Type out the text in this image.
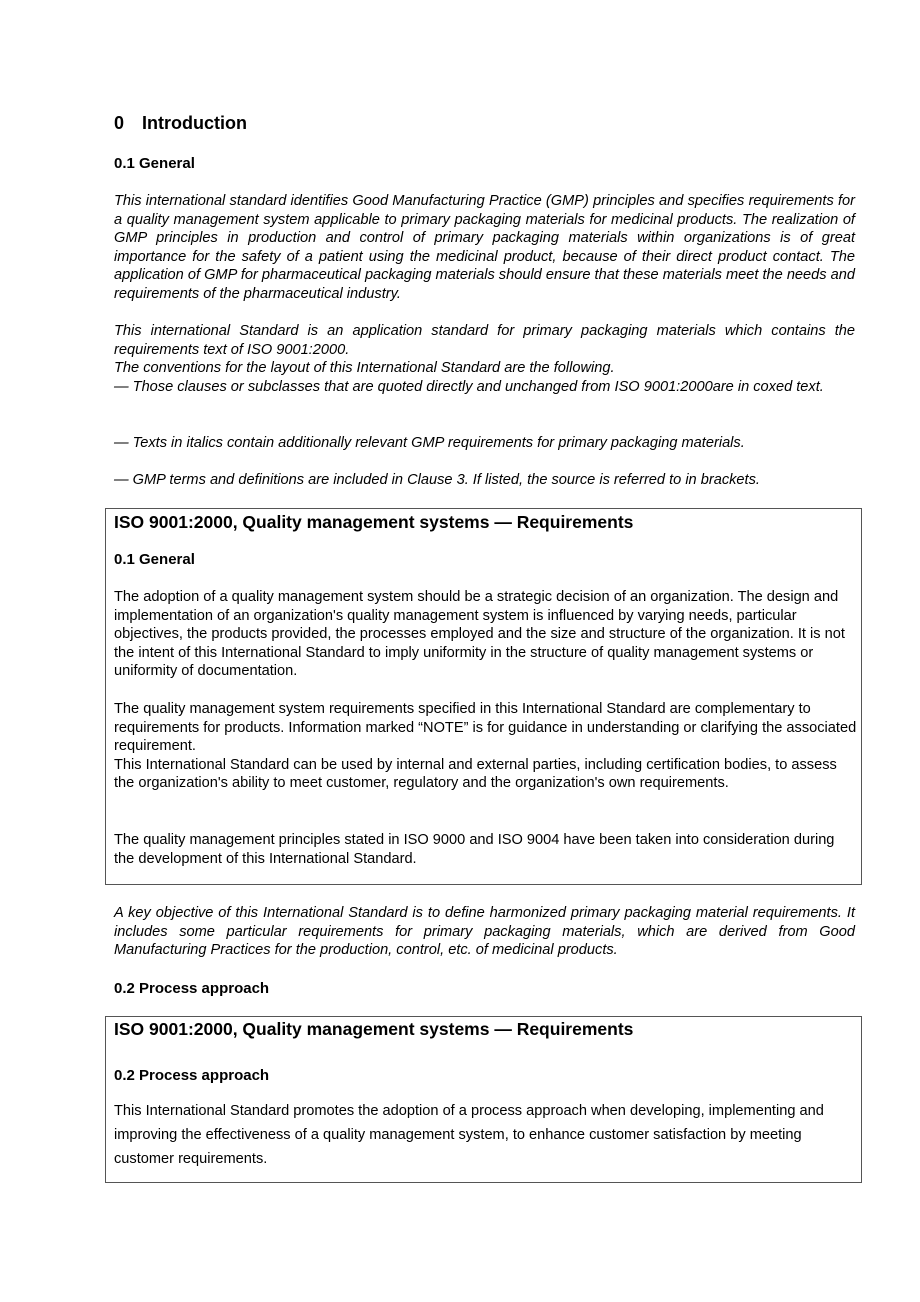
0 Introduction
0.1 General

This international standard identifies Good Manufacturing Practice (GMP) principles and specifies requirements for a quality management system applicable to primary packaging materials for medicinal products. The realization of GMP principles in production and control of primary packaging materials within organizations is of great importance for the safety of a patient using the medicinal product, because of their direct product contact. The application of GMP for pharmaceutical packaging materials should ensure that these materials meet the needs and requirements of the pharmaceutical industry.

This international Standard is an application standard for primary packaging materials which contains the requirements text of ISO 9001:2000.

The conventions for the layout of this International Standard are the following.

— Those clauses or subclasses that are quoted directly and unchanged from ISO 9001:2000are in coxed text.

— Texts in italics contain additionally relevant GMP requirements for primary packaging materials.

— GMP terms and definitions are included in Clause 3. If listed, the source is referred to in brackets.

ISO 9001:2000, Quality management systems — Requirements
0.1 General

The adoption of a quality management system should be a strategic decision of an organization. The design and implementation of an organization's quality management system is influenced by varying needs, particular objectives, the products provided, the processes employed and the size and structure of the organization. It is not the intent of this International Standard to imply uniformity in the structure of quality management systems or uniformity of documentation.

The quality management system requirements specified in this International Standard are complementary to requirements for products. Information marked “NOTE” is for guidance in understanding or clarifying the associated requirement.

This International Standard can be used by internal and external parties, including certification bodies, to assess the organization's ability to meet customer, regulatory and the organization's own requirements.

The quality management principles stated in ISO 9000 and ISO 9004 have been taken into consideration during the development of this International Standard.

A key objective of this International Standard is to define harmonized primary packaging material requirements. It includes some particular requirements for primary packaging materials, which are derived from Good Manufacturing Practices for the production, control, etc. of medicinal products.

0.2 Process approach
ISO 9001:2000, Quality management systems — Requirements
0.2 Process approach

This International Standard promotes the adoption of a process approach when developing, implementing and improving the effectiveness of a quality management system, to enhance customer satisfaction by meeting customer requirements.
